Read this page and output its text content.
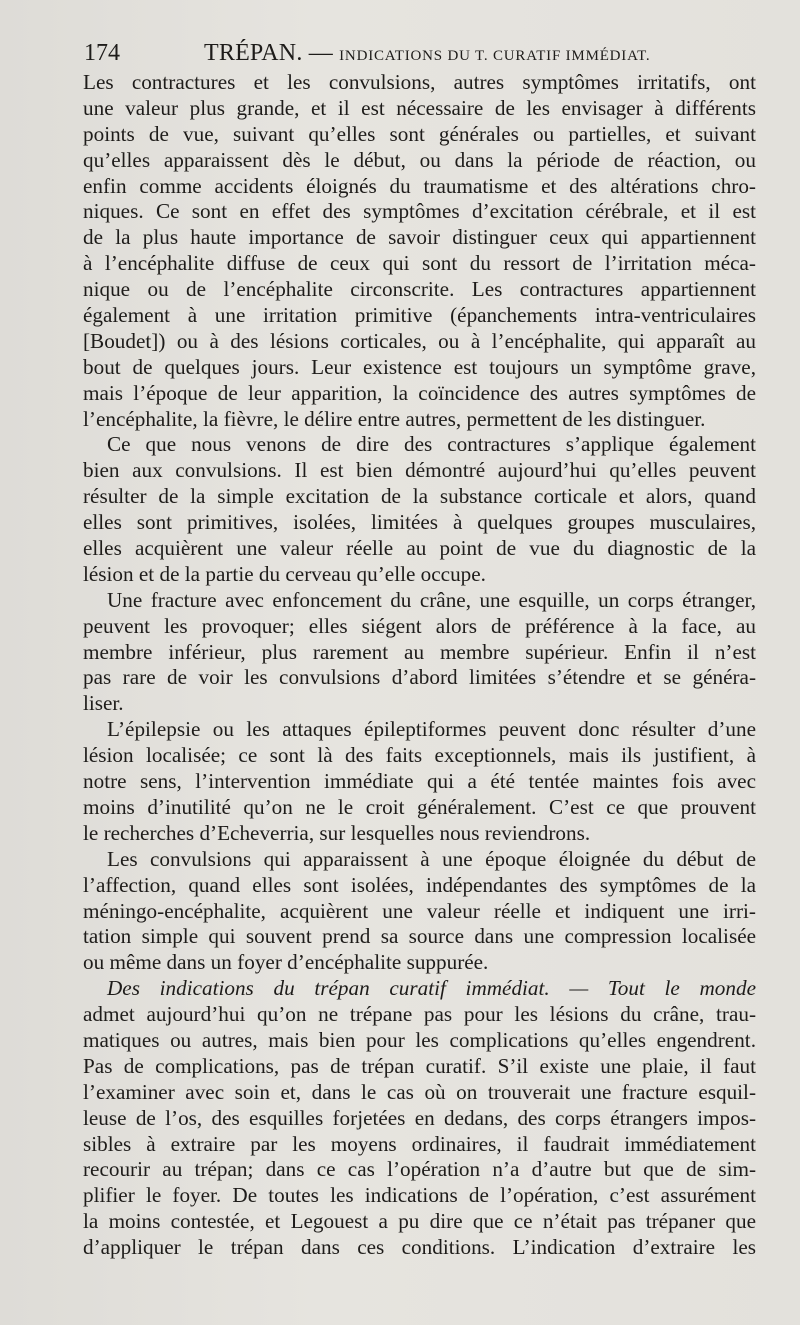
174	TRÉPAN. — INDICATIONS DU T. CURATIF IMMÉDIAT.
Les contractures et les convulsions, autres symptômes irritatifs, ont
une valeur plus grande, et il est nécessaire de les envisager à différents
points de vue, suivant qu’elles sont générales ou partielles, et suivant
qu’elles apparaissent dès le début, ou dans la période de réaction, ou
enfin comme accidents éloignés du traumatisme et des altérations chro-
niques. Ce sont en effet des symptômes d’excitation cérébrale, et il est
de la plus haute importance de savoir distinguer ceux qui appartiennent
à l’encéphalite diffuse de ceux qui sont du ressort de l’irritation méca-
nique ou de l’encéphalite circonscrite. Les contractures appartiennent
également à une irritation primitive (épanchements intra-ventriculaires
[Boudet]) ou à des lésions corticales, ou à l’encéphalite, qui apparaît au
bout de quelques jours. Leur existence est toujours un symptôme grave,
mais l’époque de leur apparition, la coïncidence des autres symptômes de
l’encéphalite, la fièvre, le délire entre autres, permettent de les distinguer.
Ce que nous venons de dire des contractures s’applique également
bien aux convulsions. Il est bien démontré aujourd’hui qu’elles peuvent
résulter de la simple excitation de la substance corticale et alors, quand
elles sont primitives, isolées, limitées à quelques groupes musculaires,
elles acquièrent une valeur réelle au point de vue du diagnostic de la
lésion et de la partie du cerveau qu’elle occupe.
Une fracture avec enfoncement du crâne, une esquille, un corps étranger,
peuvent les provoquer; elles siégent alors de préférence à la face, au
membre inférieur, plus rarement au membre supérieur. Enfin il n’est
pas rare de voir les convulsions d’abord limitées s’étendre et se généra-
liser.
L’épilepsie ou les attaques épileptiformes peuvent donc résulter d’une
lésion localisée; ce sont là des faits exceptionnels, mais ils justifient, à
notre sens, l’intervention immédiate qui a été tentée maintes fois avec
moins d’inutilité qu’on ne le croit généralement. C’est ce que prouvent
le recherches d’Echeverria, sur lesquelles nous reviendrons.
Les convulsions qui apparaissent à une époque éloignée du début de
l’affection, quand elles sont isolées, indépendantes des symptômes de la
méningo-encéphalite, acquièrent une valeur réelle et indiquent une irri-
tation simple qui souvent prend sa source dans une compression localisée
ou même dans un foyer d’encéphalite suppurée.
Des indications du trépan curatif immédiat. — Tout le monde
admet aujourd’hui qu’on ne trépane pas pour les lésions du crâne, trau-
matiques ou autres, mais bien pour les complications qu’elles engendrent.
Pas de complications, pas de trépan curatif. S’il existe une plaie, il faut
l’examiner avec soin et, dans le cas où on trouverait une fracture esquil-
leuse de l’os, des esquilles forjetées en dedans, des corps étrangers impos-
sibles à extraire par les moyens ordinaires, il faudrait immédiatement
recourir au trépan; dans ce cas l’opération n’a d’autre but que de sim-
plifier le foyer. De toutes les indications de l’opération, c’est assurément
la moins contestée, et Legouest a pu dire que ce n’était pas trépaner que
d’appliquer le trépan dans ces conditions. L’indication d’extraire les
